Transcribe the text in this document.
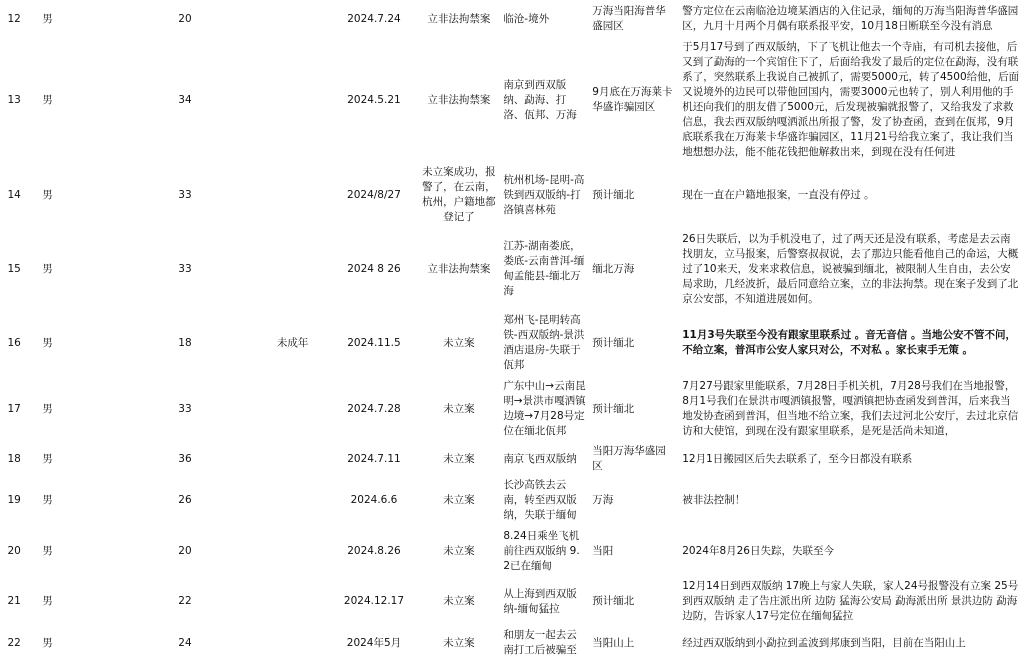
12	男	20		2024.7.24	立非法拘禁案	临沧-境外	万海当阳海普华盛园区	警方定位在云南临沧边境某酒店的入住记录，缅甸的万海当阳海普华盛园区，九月十月两个月偶有联系报平安，10月18日断联至今没有消息
13	男	34		2024.5.21	立非法拘禁案	南京到西双版纳、勐海、打洛、佤邦、万海	9月底在万海莱卡华盛诈骗园区	于5月17号到了西双版纳，下了飞机让他去一个寺庙，有司机去接他，后又到了勐海的一个宾馆住下了，后面给我发了最后的定位在勐海，没有联系了，突然联系上我说自己被抓了，需要5000元，转了4500给他，后面又说境外的边民可以带他回国内，需要3000元也转了，别人利用他的手机还向我们的朋友借了5000元，后发现被骗就报警了，又给我发了求救信息，我去西双版纳嘎洒派出所报了警，发了协查函，查到在佤邦，9月底联系我在万海莱卡华盛诈骗园区，11月21号给我立案了，我让我们当地想想办法，能不能花钱把他解救出来，到现在没有任何进
14	男	33		2024/8/27	未立案成功，报警了，在云南，杭州，户籍地都登记了	杭州机场-昆明-高铁到西双版纳-打洛镇喜林苑	预计缅北	现在一直在户籍地报案，一直没有停过 。
15	男	33		2024 8 26	立非法拘禁案	江苏-湖南娄底，娄底-云南普洱-缅甸孟能县-缅北万海	缅北万海	26日失联后，以为手机没电了，过了两天还是没有联系，考虑是去云南找朋友，立马报案，后警察叔叔说，去了那边只能看他自己的命运，大概过了10来天，发来求救信息，说被骗到缅北，被限制人生自由，去公安局求助，几经波折，最后同意给立案，立的非法拘禁。现在案子发到了北京公安部，不知道进展如何。
16	男	18	未成年	2024.11.5	未立案	郑州飞-昆明转高铁-西双版纳-景洪酒店退房-失联于佤邦	预计缅北	11月3号失联至今没有跟家里联系过 。音无音信 。当地公安不管不问，不给立案，普洱市公安人家只对公，不对私 。家长束手无策 。
17	男	33		2024.7.28	未立案	广东中山→云南昆明→景洪市嘎洒镇边境→7月28号定位在缅北佤邦	预计缅北	7月27号跟家里能联系，7月28日手机关机，7月28号我们在当地报警，8月1号我们在景洪市嘎洒镇报警，嘎洒镇把协查函发到普洱，后来我当地发协查函到普洱，但当地不给立案，我们去过河北公安厅，去过北京信访和大使馆，到现在没有跟家里联系，是死是活尚未知道，
18	男	36		2024.7.11	未立案	南京飞西双版纳	当阳万海华盛园区	12月1日搬园区后失去联系了，至今日都没有联系
19	男	26		2024.6.6	未立案	长沙高铁去云南，转至西双版纳，失联于缅甸	万海	被非法控制！
20	男	20		2024.8.26	未立案	8.24日乘坐飞机前往西双版纳 9.2已在缅甸	当阳	2024年8月26日失踪，失联至今
21	男	22		2024.12.17	未立案	从上海到西双版纳-缅甸猛拉	预计缅北	12月14日到西双版纳 17晚上与家人失联，家人24号报警没有立案 25号到西双版纳 走了告庄派出所 边防 猛海公安局 勐海派出所 景洪边防 勐海边防，告诉家人17号定位在缅甸猛拉
22	男	24		2024年5月	未立案	和朋友一起去云南打工后被骗至	当阳山上	经过西双版纳到小勐拉到孟波到邦康到当阳，目前在当阳山上
